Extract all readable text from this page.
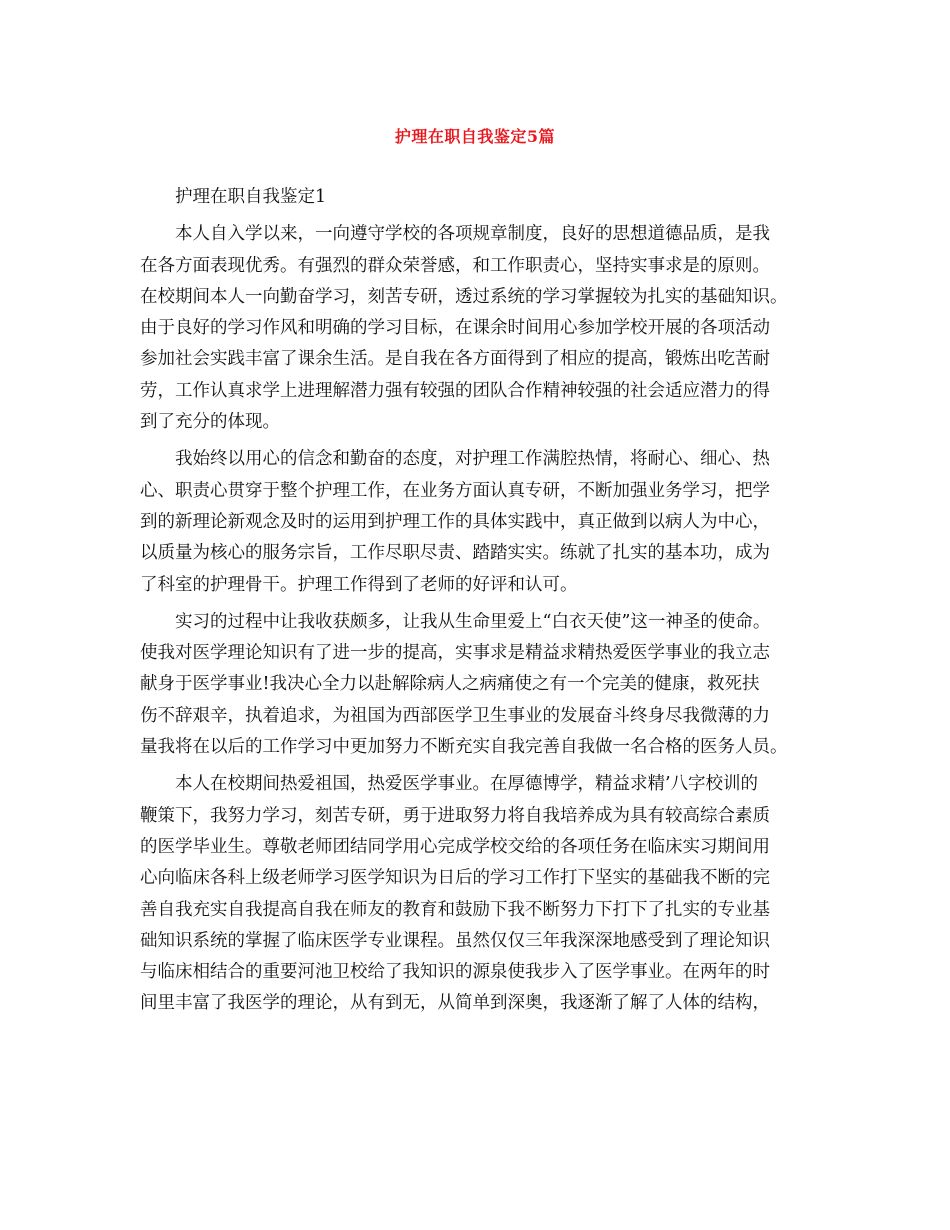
护理在职自我鉴定5篇
护理在职自我鉴定1
本人自入学以来，一向遵守学校的各项规章制度，良好的思想道德品质，是我
在各方面表现优秀。有强烈的群众荣誉感，和工作职责心，坚持实事求是的原则。
在校期间本人一向勤奋学习，刻苦专研，透过系统的学习掌握较为扎实的基础知识。
由于良好的学习作风和明确的学习目标，在课余时间用心参加学校开展的各项活动
参加社会实践丰富了课余生活。是自我在各方面得到了相应的提高，锻炼出吃苦耐
劳，工作认真求学上进理解潜力强有较强的团队合作精神较强的社会适应潜力的得
到了充分的体现。
我始终以用心的信念和勤奋的态度，对护理工作满腔热情，将耐心、细心、热
心、职责心贯穿于整个护理工作，在业务方面认真专研，不断加强业务学习，把学
到的新理论新观念及时的运用到护理工作的具体实践中，真正做到以病人为中心，
以质量为核心的服务宗旨，工作尽职尽责、踏踏实实。练就了扎实的基本功，成为
了科室的护理骨干。护理工作得到了老师的好评和认可。
实习的过程中让我收获颇多，让我从生命里爱上“白衣天使”这一神圣的使命。
使我对医学理论知识有了进一步的提高，实事求是精益求精热爱医学事业的我立志
献身于医学事业!我决心全力以赴解除病人之病痛使之有一个完美的健康，救死扶
伤不辞艰辛，执着追求，为祖国为西部医学卫生事业的发展奋斗终身尽我微薄的力
量我将在以后的工作学习中更加努力不断充实自我完善自我做一名合格的医务人员。
本人在校期间热爱祖国，热爱医学事业。在厚德博学，精益求精’八字校训的
鞭策下，我努力学习，刻苦专研，勇于进取努力将自我培养成为具有较高综合素质
的医学毕业生。尊敬老师团结同学用心完成学校交给的各项任务在临床实习期间用
心向临床各科上级老师学习医学知识为日后的学习工作打下坚实的基础我不断的完
善自我充实自我提高自我在师友的教育和鼓励下我不断努力下打下了扎实的专业基
础知识系统的掌握了临床医学专业课程。虽然仅仅三年我深深地感受到了理论知识
与临床相结合的重要河池卫校给了我知识的源泉使我步入了医学事业。在两年的时
间里丰富了我医学的理论，从有到无，从简单到深奥，我逐渐了解了人体的结构，
